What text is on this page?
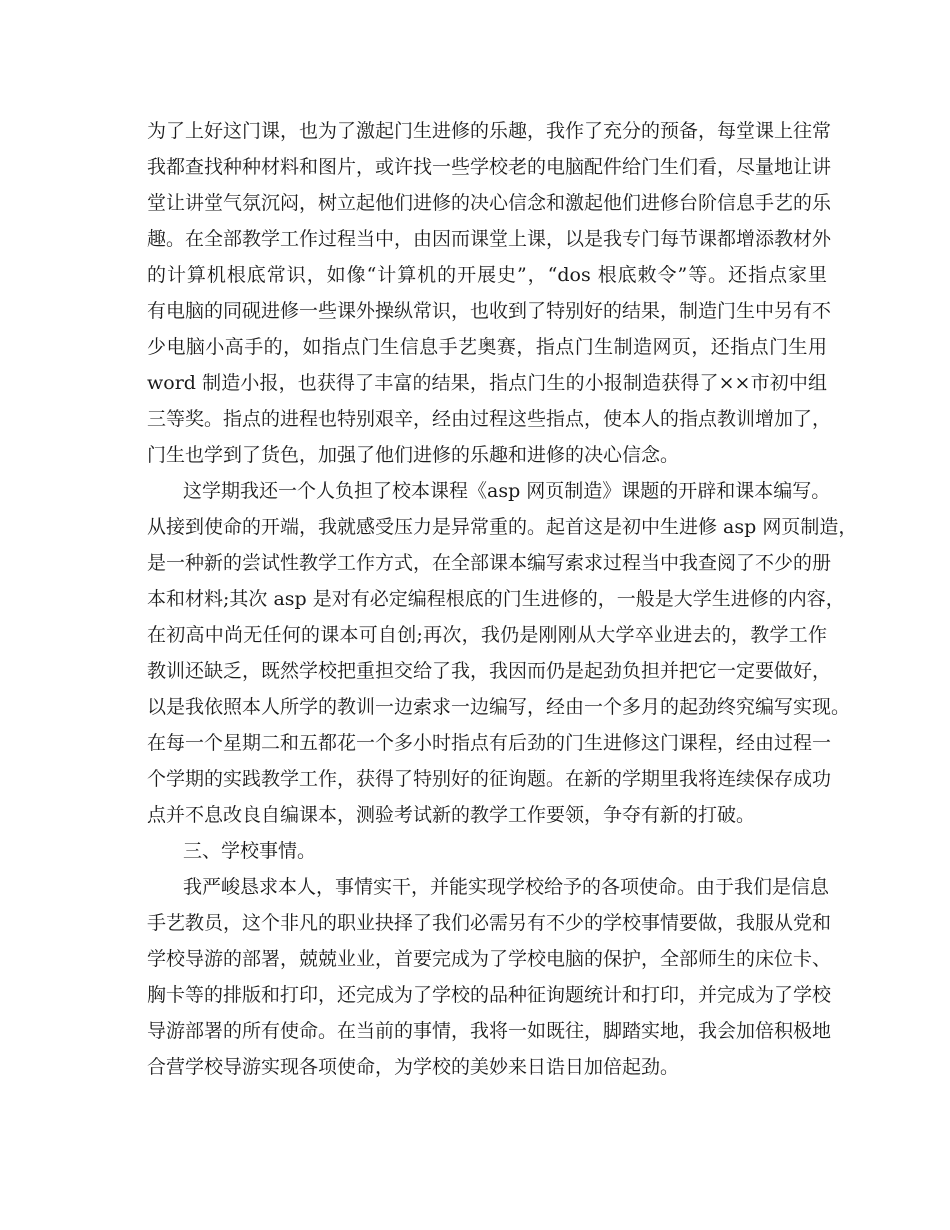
为了上好这门课，也为了激起门生进修的乐趣，我作了充分的预备，每堂课上往常
我都查找种种材料和图片，或许找一些学校老的电脑配件给门生们看，尽量地让讲
堂让讲堂气氛沉闷，树立起他们进修的决心信念和激起他们进修台阶信息手艺的乐
趣。在全部教学工作过程当中，由因而课堂上课，以是我专门每节课都增添教材外
的计算机根底常识，如像“计算机的开展史”，“dos 根底敕令”等。还指点家里
有电脑的同砚进修一些课外操纵常识，也收到了特别好的结果，制造门生中另有不
少电脑小高手的，如指点门生信息手艺奥赛，指点门生制造网页，还指点门生用
word 制造小报，也获得了丰富的结果，指点门生的小报制造获得了××市初中组
三等奖。指点的进程也特别艰辛，经由过程这些指点，使本人的指点教训增加了，
门生也学到了货色，加强了他们进修的乐趣和进修的决心信念。
这学期我还一个人负担了校本课程《asp 网页制造》课题的开辟和课本编写。
从接到使命的开端，我就感受压力是异常重的。起首这是初中生进修 asp 网页制造，
是一种新的尝试性教学工作方式，在全部课本编写索求过程当中我查阅了不少的册
本和材料;其次 asp 是对有必定编程根底的门生进修的，一般是大学生进修的内容，
在初高中尚无任何的课本可自创;再次，我仍是刚刚从大学卒业进去的，教学工作
教训还缺乏，既然学校把重担交给了我，我因而仍是起劲负担并把它一定要做好，
以是我依照本人所学的教训一边索求一边编写，经由一个多月的起劲终究编写实现。
在每一个星期二和五都花一个多小时指点有后劲的门生进修这门课程，经由过程一
个学期的实践教学工作，获得了特别好的征询题。在新的学期里我将连续保存成功
点并不息改良自编课本，测验考试新的教学工作要领，争夺有新的打破。
三、学校事情。
我严峻恳求本人，事情实干，并能实现学校给予的各项使命。由于我们是信息
手艺教员，这个非凡的职业抉择了我们必需另有不少的学校事情要做，我服从党和
学校导游的部署，兢兢业业，首要完成为了学校电脑的保护，全部师生的床位卡、
胸卡等的排版和打印，还完成为了学校的品种征询题统计和打印，并完成为了学校
导游部署的所有使命。在当前的事情，我将一如既往，脚踏实地，我会加倍积极地
合营学校导游实现各项使命，为学校的美妙来日诰日加倍起劲。
